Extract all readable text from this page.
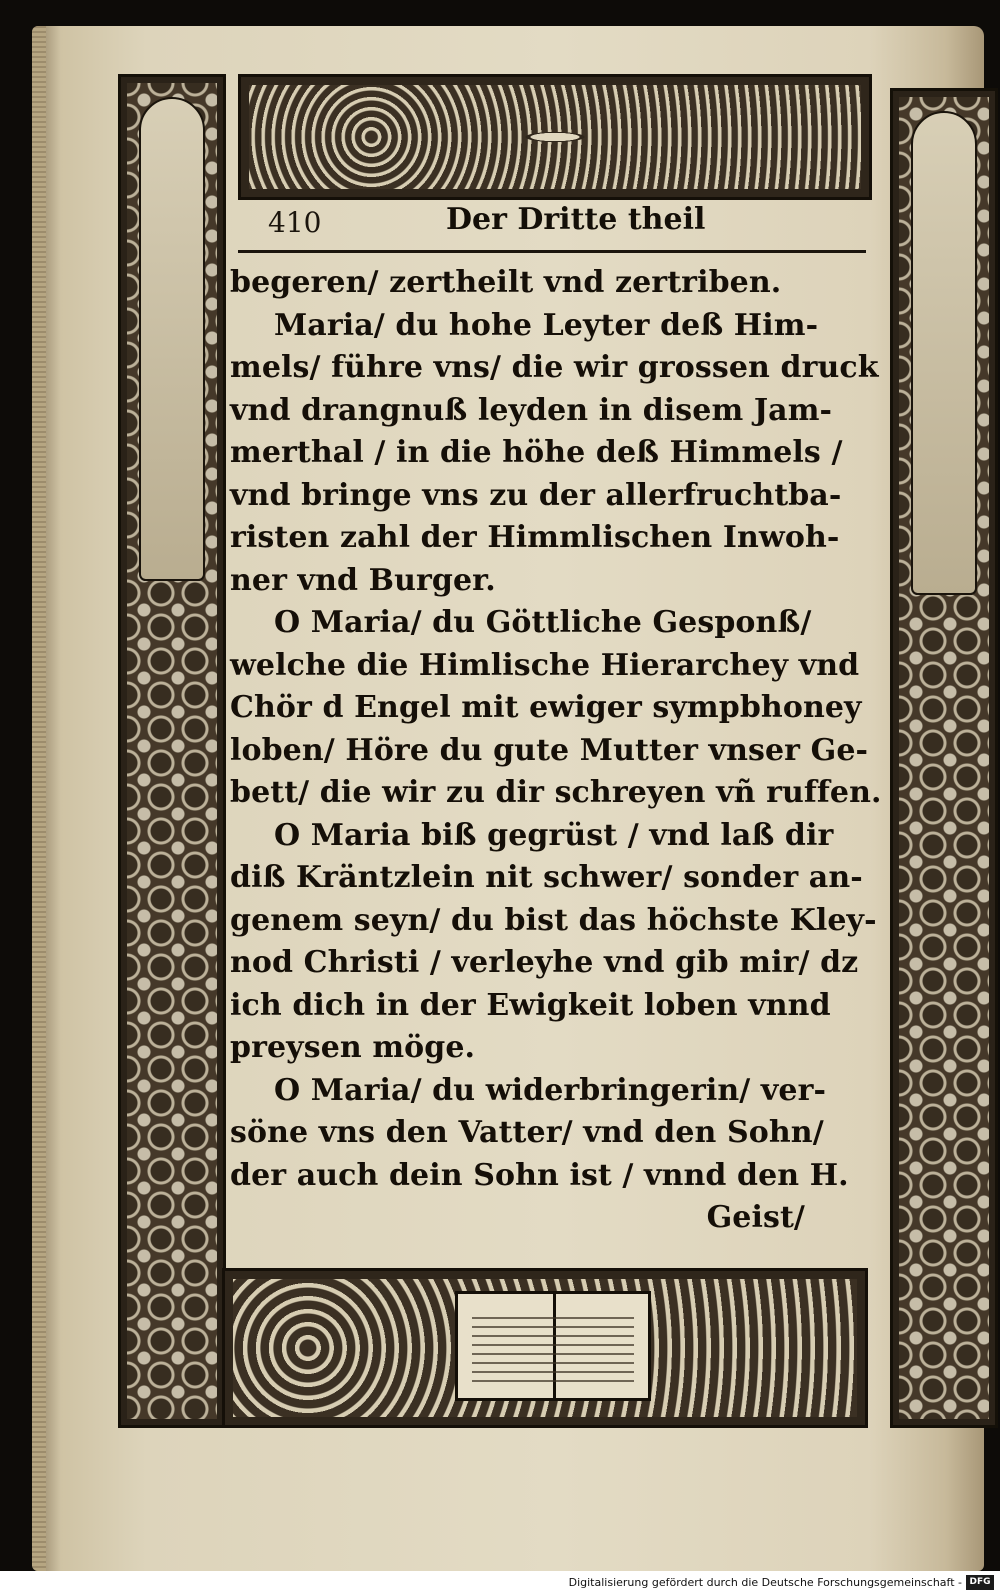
410	Der Dritte theil
begeren/ zertheilt vnd zertriben.
Maria/ du hohe Leyter deß Him-
mels/ führe vns/ die wir grossen druck
vnd drangnuß leyden in disem Jam-
merthal / in die höhe deß Himmels /
vnd bringe vns zu der allerfruchtba-
risten zahl der Himmlischen Inwoh-
ner vnd Burger.
O Maria/ du Göttliche Gesponß/
welche die Himlische Hierarchey vnd
Chör d Engel mit ewiger sympbhoney
loben/ Höre du gute Mutter vnser Ge-
bett/ die wir zu dir schreyen vñ ruffen.
O Maria biß gegrüst / vnd laß dir
diß Kräntzlein nit schwer/ sonder an-
genem seyn/ du bist das höchste Kley-
nod Christi / verleyhe vnd gib mir/ dz
ich dich in der Ewigkeit loben vnnd
preysen möge.
O Maria/ du widerbringerin/ ver-
söne vns den Vatter/ vnd den Sohn/
der auch dein Sohn ist / vnnd den H.
Geist/
Digitalisierung gefördert durch die Deutsche Forschungsgemeinschaft - DFG
